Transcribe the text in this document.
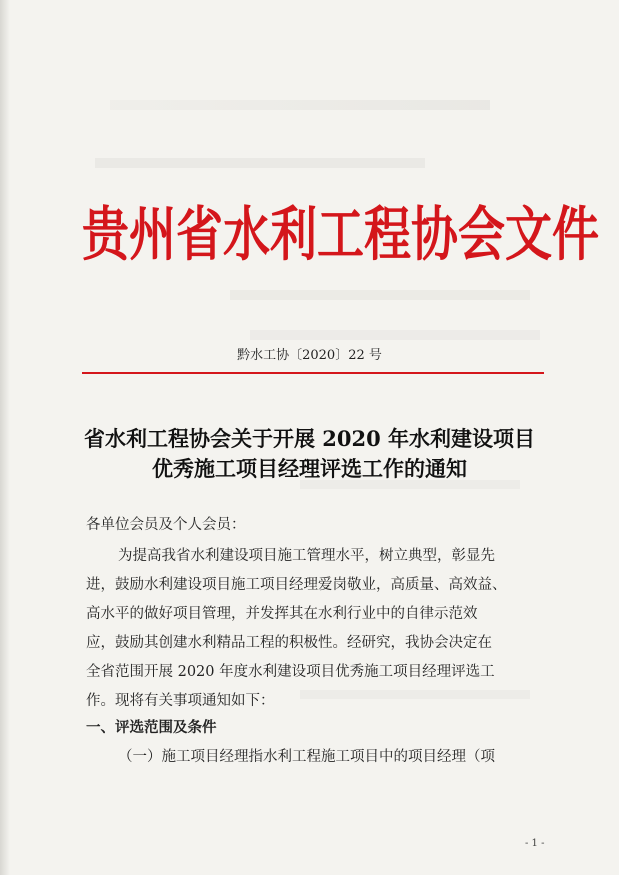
贵州省水利工程协会文件
黔水工协〔2020〕22 号
省水利工程协会关于开展 2020 年水利建设项目
优秀施工项目经理评选工作的通知
各单位会员及个人会员：
为提高我省水利建设项目施工管理水平，树立典型，彰显先
进，鼓励水利建设项目施工项目经理爱岗敬业，高质量、高效益、
高水平的做好项目管理，并发挥其在水利行业中的自律示范效
应，鼓励其创建水利精品工程的积极性。经研究，我协会决定在
全省范围开展 2020 年度水利建设项目优秀施工项目经理评选工
作。现将有关事项通知如下：
一、评选范围及条件
（一）施工项目经理指水利工程施工项目中的项目经理（项
- 1 -
